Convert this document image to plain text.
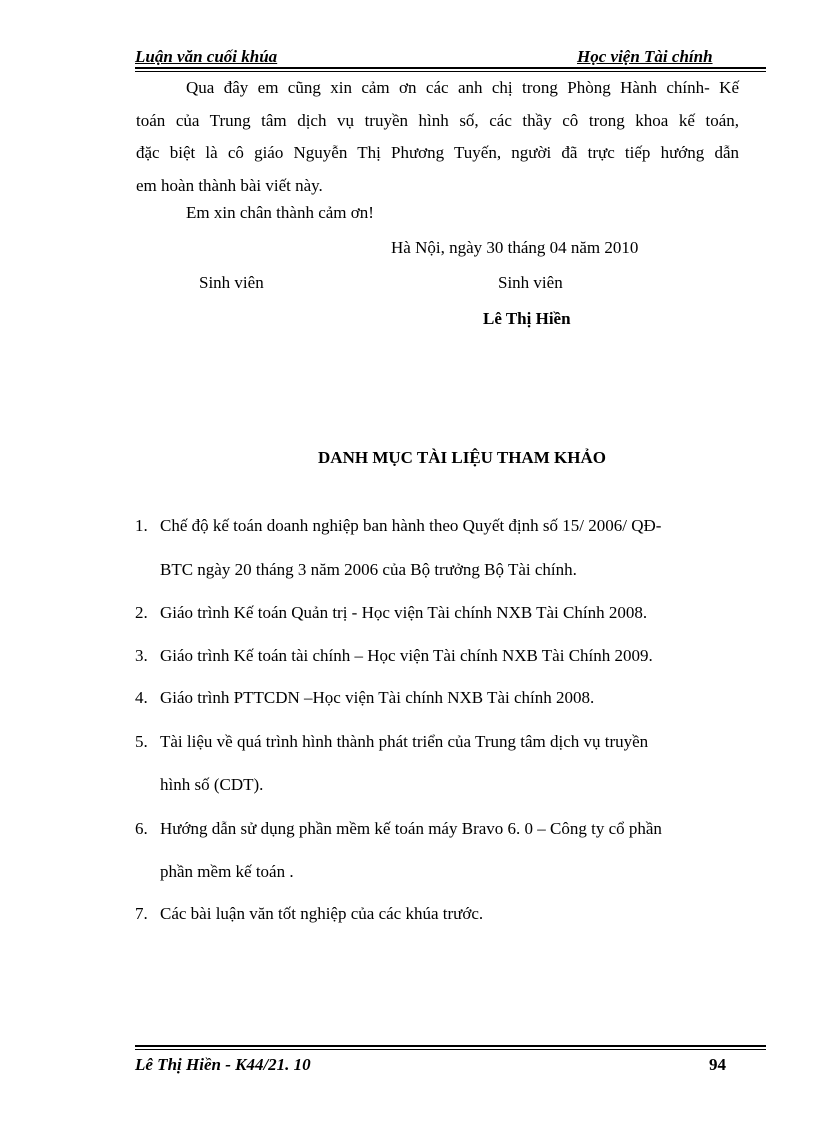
Luận văn cuối khúa	Học viện Tài chính
Qua đây em cũng xin cảm ơn các anh chị trong Phòng Hành chính- Kế
toán của Trung tâm dịch vụ truyền hình số, các thầy cô trong khoa kế toán,
đặc biệt là cô giáo Nguyễn Thị Phương Tuyến, người đã trực tiếp hướng dẫn
em hoàn thành bài viết này.
Em xin chân thành cảm ơn!
Hà Nội, ngày 30 tháng 04 năm 2010
Sinh viên	Sinh viên
Lê Thị Hiền
DANH MỤC TÀI LIỆU THAM KHẢO
1. Chế độ kế toán doanh nghiệp ban hành theo Quyết định số 15/ 2006/ QĐ-
BTC ngày 20 tháng 3 năm 2006 của Bộ trưởng Bộ Tài chính.
2. Giáo trình Kế toán Quản trị - Học viện Tài chính NXB Tài Chính 2008.
3. Giáo trình Kế toán tài chính – Học viện Tài chính NXB Tài Chính 2009.
4. Giáo trình PTTCDN –Học viện Tài chính NXB Tài chính 2008.
5. Tài liệu về quá trình hình thành phát triển của Trung tâm dịch vụ truyền
hình số (CDT).
6. Hướng dẫn sử dụng phần mềm kế toán máy Bravo 6. 0 – Công ty cổ phần
phần mềm kế toán .
7. Các bài luận văn tốt nghiệp của các khúa trước.
Lê Thị Hiền - K44/21. 10	94
